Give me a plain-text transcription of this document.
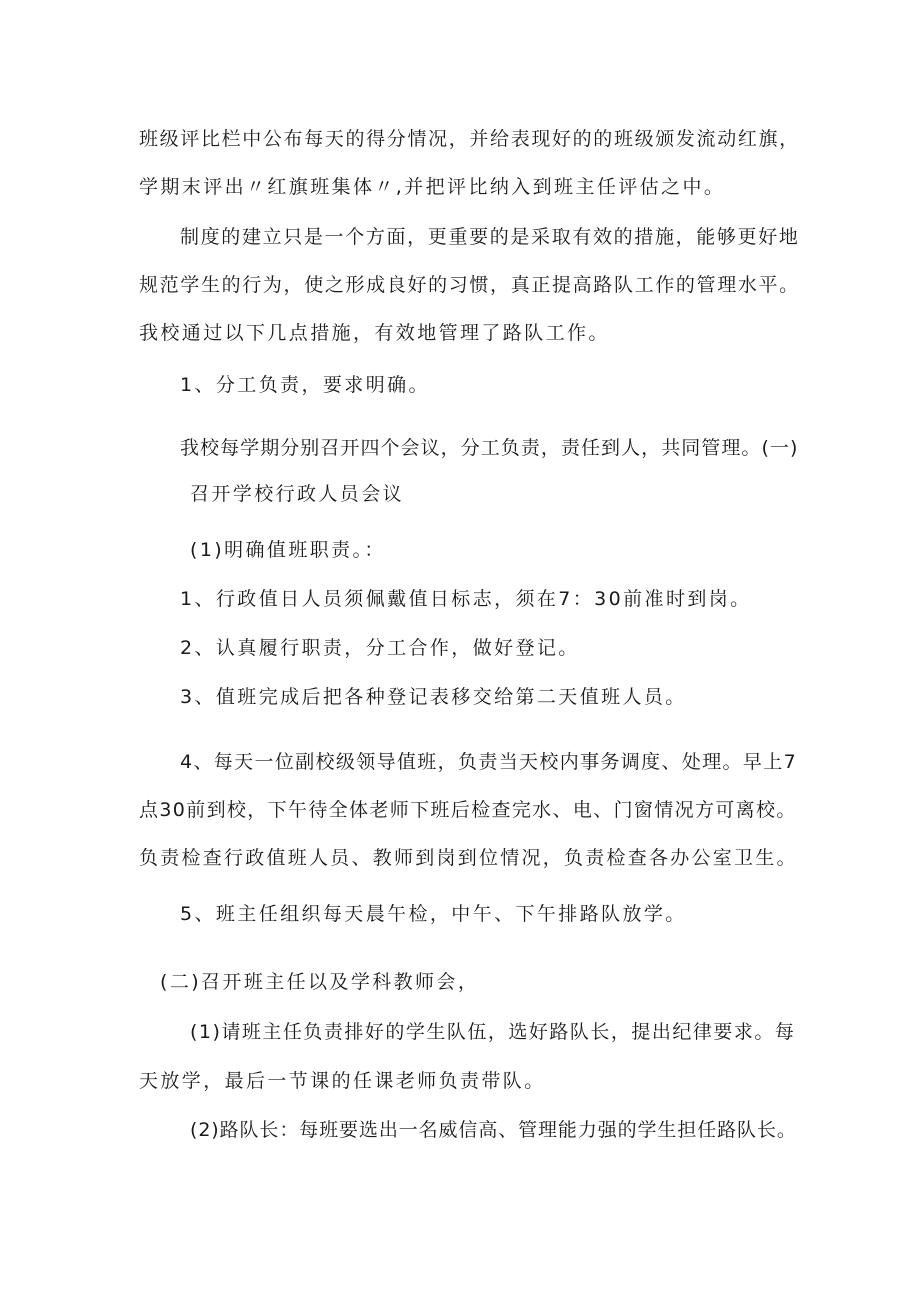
班级评比栏中公布每天的得分情况，并给表现好的的班级颁发流动红旗，
学期末评出〃红旗班集体〃,并把评比纳入到班主任评估之中。
制度的建立只是一个方面，更重要的是采取有效的措施，能够更好地
规范学生的行为，使之形成良好的习惯，真正提高路队工作的管理水平。
我校通过以下几点措施，有效地管理了路队工作。
1、分工负责，要求明确。
我校每学期分别召开四个会议，分工负责，责任到人，共同管理。(一)
召开学校行政人员会议
(1)明确值班职责。：
1、行政值日人员须佩戴值日标志，须在7：30前准时到岗。
2、认真履行职责，分工合作，做好登记。
3、值班完成后把各种登记表移交给第二天值班人员。
4、每天一位副校级领导值班，负责当天校内事务调度、处理。早上7
点30前到校，下午待全体老师下班后检查完水、电、门窗情况方可离校。
负责检查行政值班人员、教师到岗到位情况，负责检查各办公室卫生。
5、班主任组织每天晨午检，中午、下午排路队放学。
(二)召开班主任以及学科教师会，
(1)请班主任负责排好的学生队伍，选好路队长，提出纪律要求。每
天放学，最后一节课的任课老师负责带队。
(2)路队长：每班要选出一名威信高、管理能力强的学生担任路队长。
